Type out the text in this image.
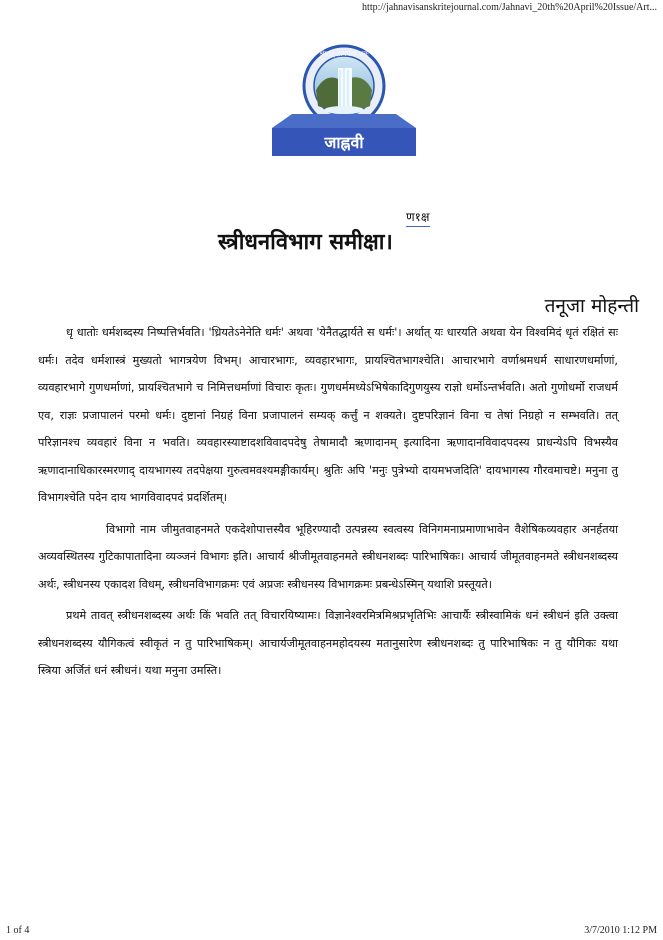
http://jahnavisanskritejournal.com/Jahnavi_20th%20April%20Issue/Art...
श्रेयान् ज्ञानमयो यज्ञः
जाह्नवी
ण१क्ष
स्त्रीधनविभाग समीक्षा।
तनूजा मोहन्ती

धृ धातोः धर्मशब्दस्य निष्पत्तिर्भवति। 'ध्रियतेऽनेनेति धर्मः' अथवा 'येनैतद्धार्यते स धर्मः'। अर्थात् यः धारयति अथवा येन विश्वमिदं धृतं रक्षितं सः धर्मः। तदेव धर्मशास्त्रं मुख्यतो भागत्रयेण विभम्। आचारभागः, व्यवहारभागः, प्रायश्चितभागश्चेति। आचारभागे वर्णाश्रमधर्म साधारणधर्माणां, व्यवहारभागे गुणधर्माणां, प्रायश्चितभागे च निमित्तधर्माणां विचारः कृतः। गुणधर्ममध्येऽभिषेकादिगुणयुस्य राज्ञो धर्मोऽन्तर्भवति। अतो गुणोधर्मो राजधर्म एव, राज्ञः प्रजापालनं परमो धर्मः। दुष्टानां निग्रहं विना प्रजापालनं सम्यक् कर्त्तुं न शक्यते। दुष्टपरिज्ञानं विना च तेषां निग्रहो न सम्भवति। तत् परिज्ञानश्च व्यवहारं विना न भवति। व्यवहारस्याष्टादशविवादपदेषु तेषामादौ ऋणादानम् इत्यादिना ऋणादानविवादपदस्य प्राधन्येऽपि विभस्यैव ऋणादानाधिकारस्मरणाद् दायभागस्य तदपेक्षया गुरुत्वमवश्यमङ्गीकार्यम्। श्रुतिः अपि 'मनुः पुत्रेभ्यो दायमभजदिति' दायभागस्य गौरवमाचष्टे। मनुना तु विभागश्चेति पदेन दाय भागविवादपदं प्रदर्शितम्।

विभागो नाम जीमुतवाहनमते एकदेशोपात्तस्यैव भूहिरण्यादौ उत्पन्नस्य स्वत्वस्य विनिगमनाप्रमाणाभावेन वैशेषिकव्यवहार अनर्हतया अव्यवस्थितस्य गुटिकापातादिना व्यञ्जनं विभागः इति। आचार्य श्रीजीमूतवाहनमते स्त्रीधनशब्दः पारिभाषिकः। आचार्य जीमूतवाहनमते स्त्रीधनशब्दस्य अर्थः, स्त्रीधनस्य एकादश विधम्, स्त्रीधनविभागक्रमः एवं अप्रजः स्त्रीधनस्य विभागक्रमः प्रबन्धेऽस्मिन् यथाशि प्रस्तूयते।

प्रथमे तावत् स्त्रीधनशब्दस्य अर्थः किं भवति तत् विचारयिष्यामः। विज्ञानेश्वरमित्रमिश्रप्रभृतिभिः आचार्यैः स्त्रीस्वामिकं धनं स्त्रीधनं इति उक्त्वा स्त्रीधनशब्दस्य यौगिकत्वं स्वीकृतं न तु पारिभाषिकम्। आचार्यजीमूतवाहनमहोदयस्य मतानुसारेण स्त्रीधनशब्दः तु पारिभाषिकः न तु यौगिकः यथा स्त्रिया अर्जितं धनं स्त्रीधनं। यथा मनुना उमस्ति।

1 of 4	3/7/2010 1:12 PM
